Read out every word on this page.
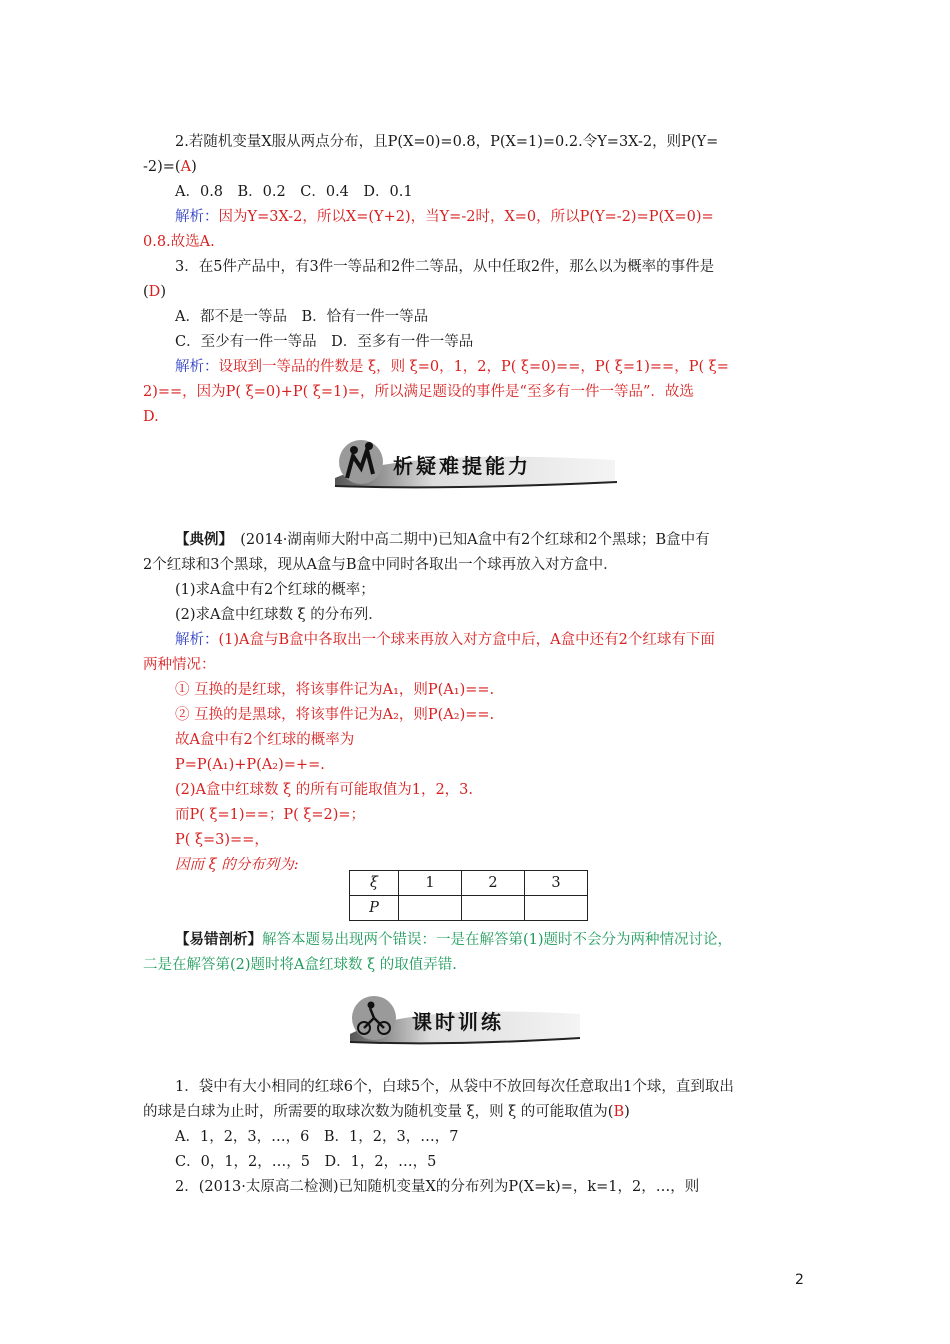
2.若随机变量X服从两点分布，且P(X=0)=0.8，P(X=1)=0.2.令Y=3X-2，则P(Y=
-2)=(A)
A．0.8　B．0.2　C．0.4　D．0.1
解析：因为Y=3X-2，所以X=(Y+2)，当Y=-2时，X=0，所以P(Y=-2)=P(X=0)=
0.8.故选A.
3．在5件产品中，有3件一等品和2件二等品，从中任取2件，那么以为概率的事件是
(D)
A．都不是一等品　B．恰有一件一等品
C．至少有一件一等品　D．至多有一件一等品
解析：设取到一等品的件数是 ξ，则 ξ=0，1，2，P( ξ=0)==，P( ξ=1)==，P( ξ=
2)==，因为P( ξ=0)+P( ξ=1)=，所以满足题设的事件是“至多有一件一等品”．故选
D.
析疑难提能力
【典例】　(2014·湖南师大附中高二期中)已知A盒中有2个红球和2个黑球；B盒中有
2个红球和3个黑球，现从A盒与B盒中同时各取出一个球再放入对方盒中．
(1)求A盒中有2个红球的概率；
(2)求A盒中红球数 ξ 的分布列．
解析：(1)A盒与B盒中各取出一个球来再放入对方盒中后，A盒中还有2个红球有下面
两种情况：
① 互换的是红球，将该事件记为A₁，则P(A₁)==.
② 互换的是黑球，将该事件记为A₂，则P(A₂)==.
故A盒中有2个红球的概率为
P=P(A₁)+P(A₂)=+=.
(2)A盒中红球数 ξ 的所有可能取值为1，2，3.
而P( ξ=1)==；P( ξ=2)=；
P( ξ=3)==，
因而 ξ 的分布列为:
ξ	1	2	3
P			
【易错剖析】解答本题易出现两个错误：一是在解答第(1)题时不会分为两种情况讨论，
二是在解答第(2)题时将A盒红球数 ξ 的取值弄错.
课时训练
1．袋中有大小相同的红球6个，白球5个，从袋中不放回每次任意取出1个球，直到取出
的球是白球为止时，所需要的取球次数为随机变量 ξ，则 ξ 的可能取值为(B)
A．1，2，3，…，6　B．1，2，3，…，7
C．0，1，2，…，5　D．1，2，…，5
2．(2013·太原高二检测)已知随机变量X的分布列为P(X=k)=，k=1，2，…，则
2
